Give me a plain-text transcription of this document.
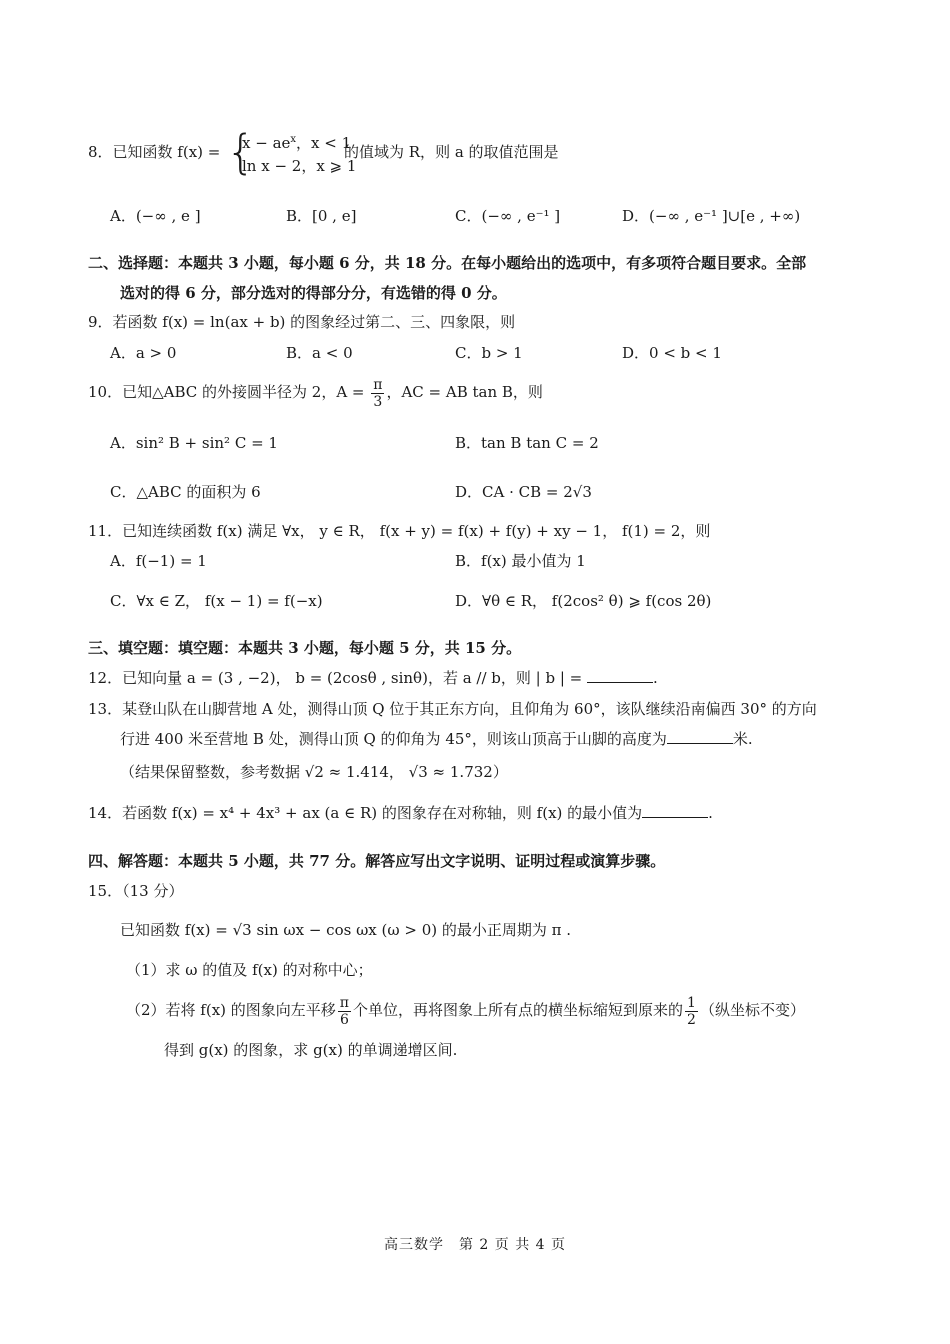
8．已知函数 f(x) = {
$x - ae^x$，x < 1
ln x − 2，x ⩾ 1
的值域为 R，则 a 的取值范围是
A．(−∞ , e ]	B．[0 , e]	C．(−∞ , e⁻¹ ]	D．(−∞ , e⁻¹ ]∪[e , +∞)
二、选择题：本题共 3 小题，每小题 6 分，共 18 分。在每小题给出的选项中，有多项符合题目要求。全部
选对的得 6 分，部分选对的得部分分，有选错的得 0 分。
9．若函数 f(x) = ln(ax + b) 的图象经过第二、三、四象限，则
A．a > 0	B．a < 0	C．b > 1	D．0 < b < 1
10．已知△ABC 的外接圆半径为 2，$A = \frac{\pi}{3}$ ，AC = AB tan B，则
A．sin² B + sin² C = 1	B．tan B tan C = 2
C．△ABC 的面积为 6	D．CA · CB = 2√3
11．已知连续函数 f(x) 满足 ∀x， y ∈ R， f(x + y) = f(x) + f(y) + xy − 1， f(1) = 2，则
A．f(−1) = 1	B．f(x) 最小值为 1
C．∀x ∈ Z， f(x − 1) = f(−x)	D．∀θ ∈ R， f(2cos² θ) ⩾ f(cos 2θ)
三、填空题：填空题：本题共 3 小题，每小题 5 分，共 15 分。
12．已知向量 a = (3 , −2)， b = (2cosθ , sinθ)，若 a // b，则 | b | =	.
13．某登山队在山脚营地 A 处，测得山顶 Q 位于其正东方向，且仰角为 60°，该队继续沿南偏西 30° 的方向
行进 400 米至营地 B 处，测得山顶 Q 的仰角为 45°，则该山顶高于山脚的高度为	米.
（结果保留整数，参考数据 √2 ≈ 1.414， √3 ≈ 1.732）
14．若函数 f(x) = x⁴ + 4x³ + ax (a ∈ R) 的图象存在对称轴，则 f(x) 的最小值为	.
四、解答题：本题共 5 小题，共 77 分。解答应写出文字说明、证明过程或演算步骤。
15．（13 分）
已知函数 f(x) = √3 sin ωx − cos ωx (ω > 0) 的最小正周期为 π .
（1）求 ω 的值及 f(x) 的对称中心；
（2）若将 f(x) 的图象向左平移 $\frac{\pi}{6}$ 个单位，再将图象上所有点的横坐标缩短到原来的 $\frac{1}{2}$ （纵坐标不变）
得到 g(x) 的图象，求 g(x) 的单调递增区间.
高三数学　第 2 页 共 4 页
